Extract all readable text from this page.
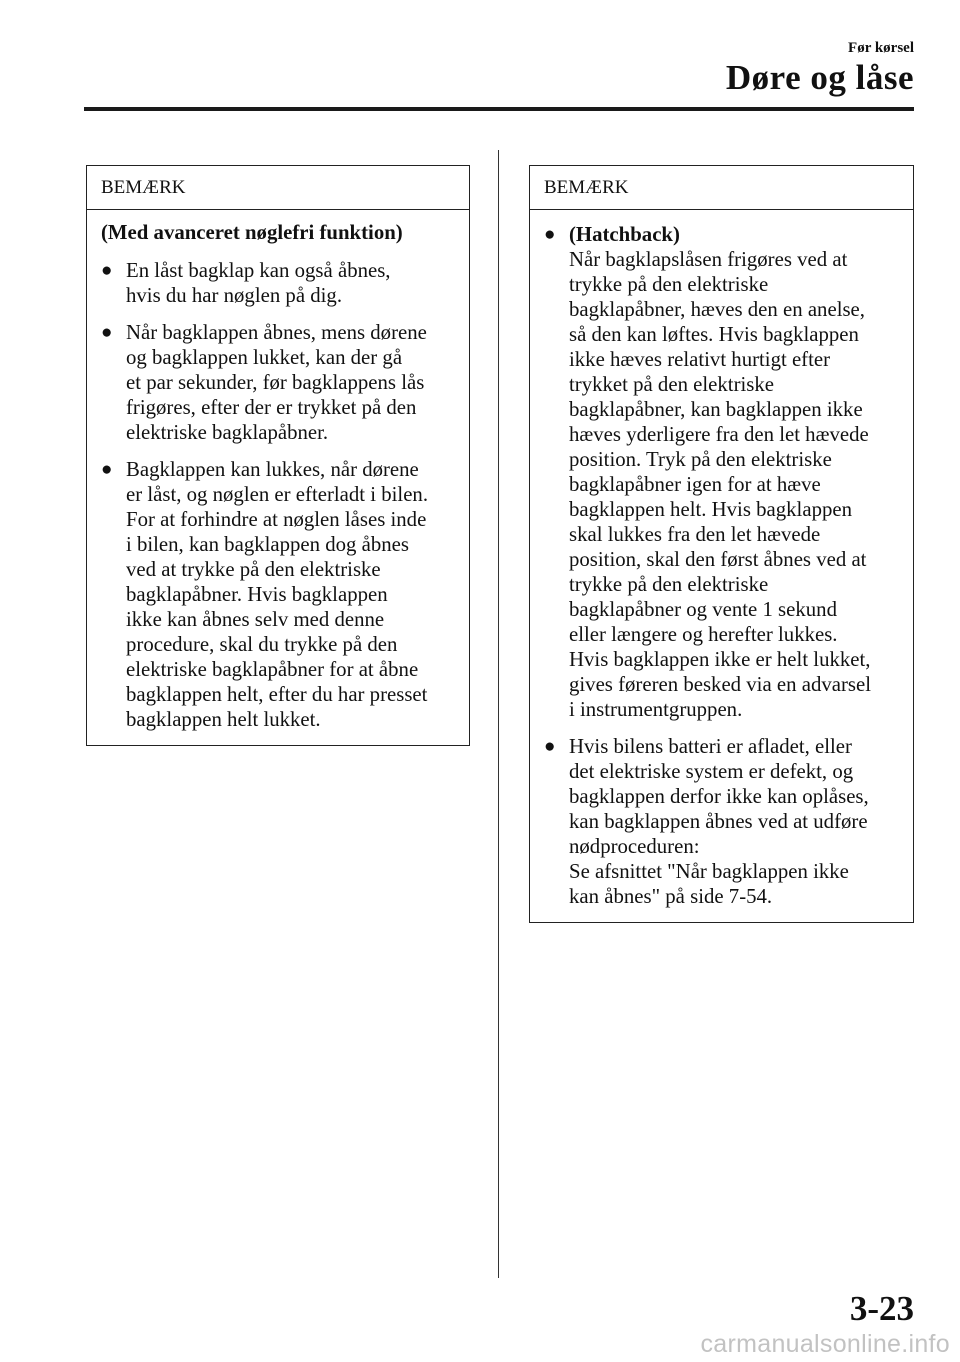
Før kørsel
Døre og låse
BEMÆRK
(Med avanceret nøglefri funktion)
● En låst bagklap kan også åbnes,
hvis du har nøglen på dig.
● Når bagklappen åbnes, mens dørene
og bagklappen lukket, kan der gå
et par sekunder, før bagklappens lås
frigøres, efter der er trykket på den
elektriske bagklapåbner.
● Bagklappen kan lukkes, når dørene
er låst, og nøglen er efterladt i bilen.
For at forhindre at nøglen låses inde
i bilen, kan bagklappen dog åbnes
ved at trykke på den elektriske
bagklapåbner. Hvis bagklappen
ikke kan åbnes selv med denne
procedure, skal du trykke på den
elektriske bagklapåbner for at åbne
bagklappen helt, efter du har presset
bagklappen helt lukket.
BEMÆRK
● (Hatchback)
Når bagklapslåsen frigøres ved at
trykke på den elektriske
bagklapåbner, hæves den en anelse,
så den kan løftes. Hvis bagklappen
ikke hæves relativt hurtigt efter
trykket på den elektriske
bagklapåbner, kan bagklappen ikke
hæves yderligere fra den let hævede
position. Tryk på den elektriske
bagklapåbner igen for at hæve
bagklappen helt. Hvis bagklappen
skal lukkes fra den let hævede
position, skal den først åbnes ved at
trykke på den elektriske
bagklapåbner og vente 1 sekund
eller længere og herefter lukkes.
Hvis bagklappen ikke er helt lukket,
gives føreren besked via en advarsel
i instrumentgruppen.
● Hvis bilens batteri er afladet, eller
det elektriske system er defekt, og
bagklappen derfor ikke kan oplåses,
kan bagklappen åbnes ved at udføre
nødproceduren:
Se afsnittet "Når bagklappen ikke
kan åbnes" på side 7-54.
3-23
carmanualsonline.info
